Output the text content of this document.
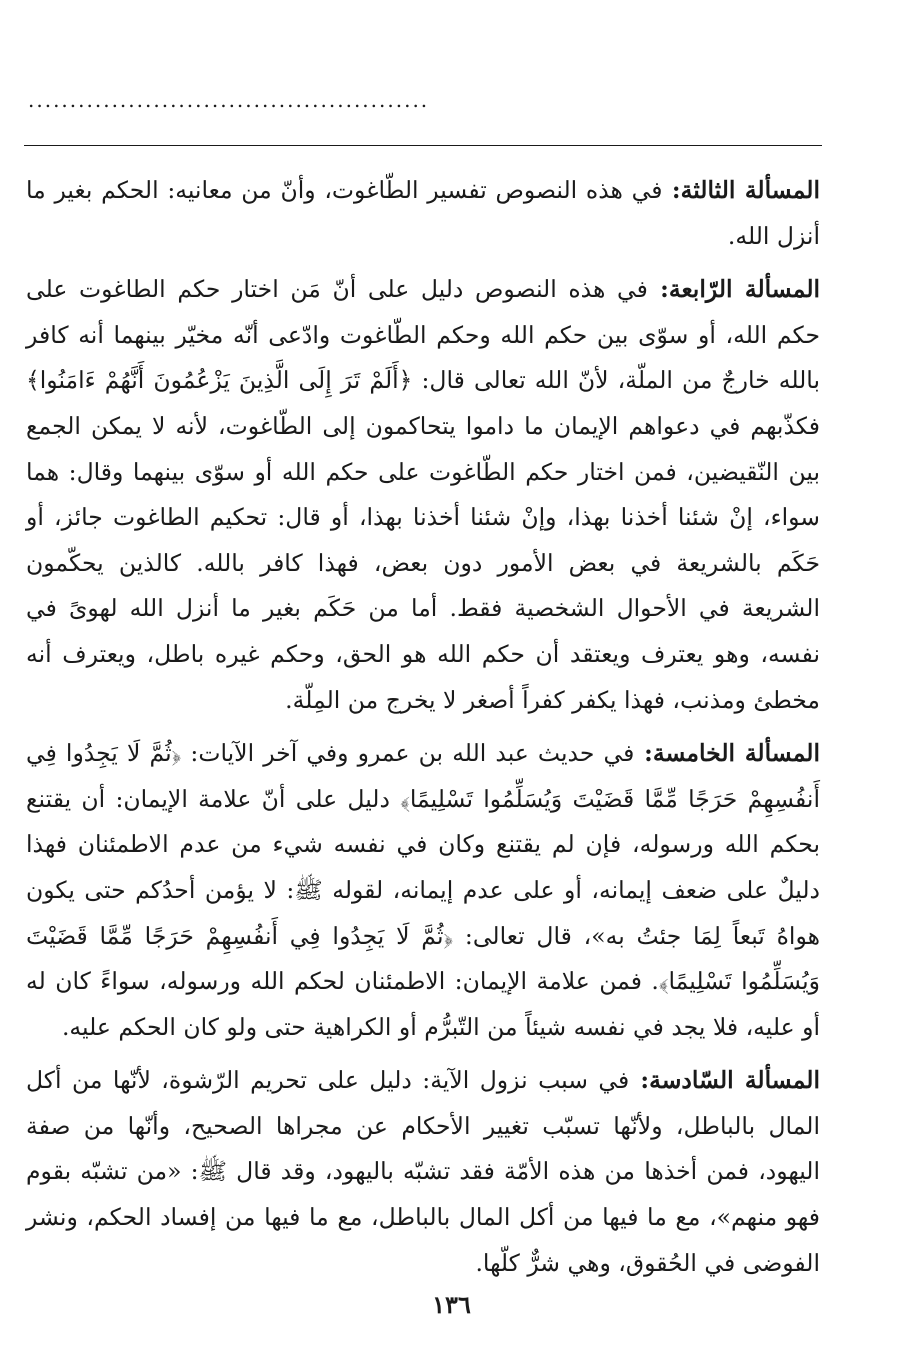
................................................

المسألة الثالثة: في هذه النصوص تفسير الطّاغوت، وأنّ من معانيه: الحكم بغير ما أنزل الله.

المسألة الرّابعة: في هذه النصوص دليل على أنّ مَن اختار حكم الطاغوت على حكم الله، أو سوّى بين حكم الله وحكم الطّاغوت وادّعى أنّه مخيّر بينهما أنه كافر بالله خارجٌ من الملّة، لأنّ الله تعالى قال: ﴿أَلَمْ تَرَ إِلَى الَّذِينَ يَزْعُمُونَ أَنَّهُمْ ءَامَنُوا﴾ فكذّبهم في دعواهم الإيمان ما داموا يتحاكمون إلى الطّاغوت، لأنه لا يمكن الجمع بين النّقيضين، فمن اختار حكم الطّاغوت على حكم الله أو سوّى بينهما وقال: هما سواء، إنْ شئنا أخذنا بهذا، وإنْ شئنا أخذنا بهذا، أو قال: تحكيم الطاغوت جائز، أو حَكَم بالشريعة في بعض الأمور دون بعض، فهذا كافر بالله. كالذين يحكّمون الشريعة في الأحوال الشخصية فقط. أما من حَكَم بغير ما أنزل الله لهوىً في نفسه، وهو يعترف ويعتقد أن حكم الله هو الحق، وحكم غيره باطل، ويعترف أنه مخطئ ومذنب، فهذا يكفر كفراً أصغر لا يخرج من المِلّة.

المسألة الخامسة: في حديث عبد الله بن عمرو وفي آخر الآيات: ﴿ثُمَّ لَا يَجِدُوا فِي أَنفُسِهِمْ حَرَجًا مِّمَّا قَضَيْتَ وَيُسَلِّمُوا تَسْلِيمًا﴾ دليل على أنّ علامة الإيمان: أن يقتنع بحكم الله ورسوله، فإن لم يقتنع وكان في نفسه شيء من عدم الاطمئنان فهذا دليلٌ على ضعف إيمانه، أو على عدم إيمانه، لقوله ﷺ: لا يؤمن أحدُكم حتى يكون هواهُ تَبعاً لِمَا جئتُ به»، قال تعالى: ﴿ثُمَّ لَا يَجِدُوا فِي أَنفُسِهِمْ حَرَجًا مِّمَّا قَضَيْتَ وَيُسَلِّمُوا تَسْلِيمًا﴾. فمن علامة الإيمان: الاطمئنان لحكم الله ورسوله، سواءً كان له أو عليه، فلا يجد في نفسه شيئاً من التّبرُّم أو الكراهية حتى ولو كان الحكم عليه.

المسألة السّادسة: في سبب نزول الآية: دليل على تحريم الرّشوة، لأنّها من أكل المال بالباطل، ولأنّها تسبّب تغيير الأحكام عن مجراها الصحيح، وأنّها من صفة اليهود، فمن أخذها من هذه الأمّة فقد تشبّه باليهود، وقد قال ﷺ: «من تشبّه بقوم فهو منهم»، مع ما فيها من أكل المال بالباطل، مع ما فيها من إفساد الحكم، ونشر الفوضى في الحُقوق، وهي شرٌّ كلّها.

١٣٦
